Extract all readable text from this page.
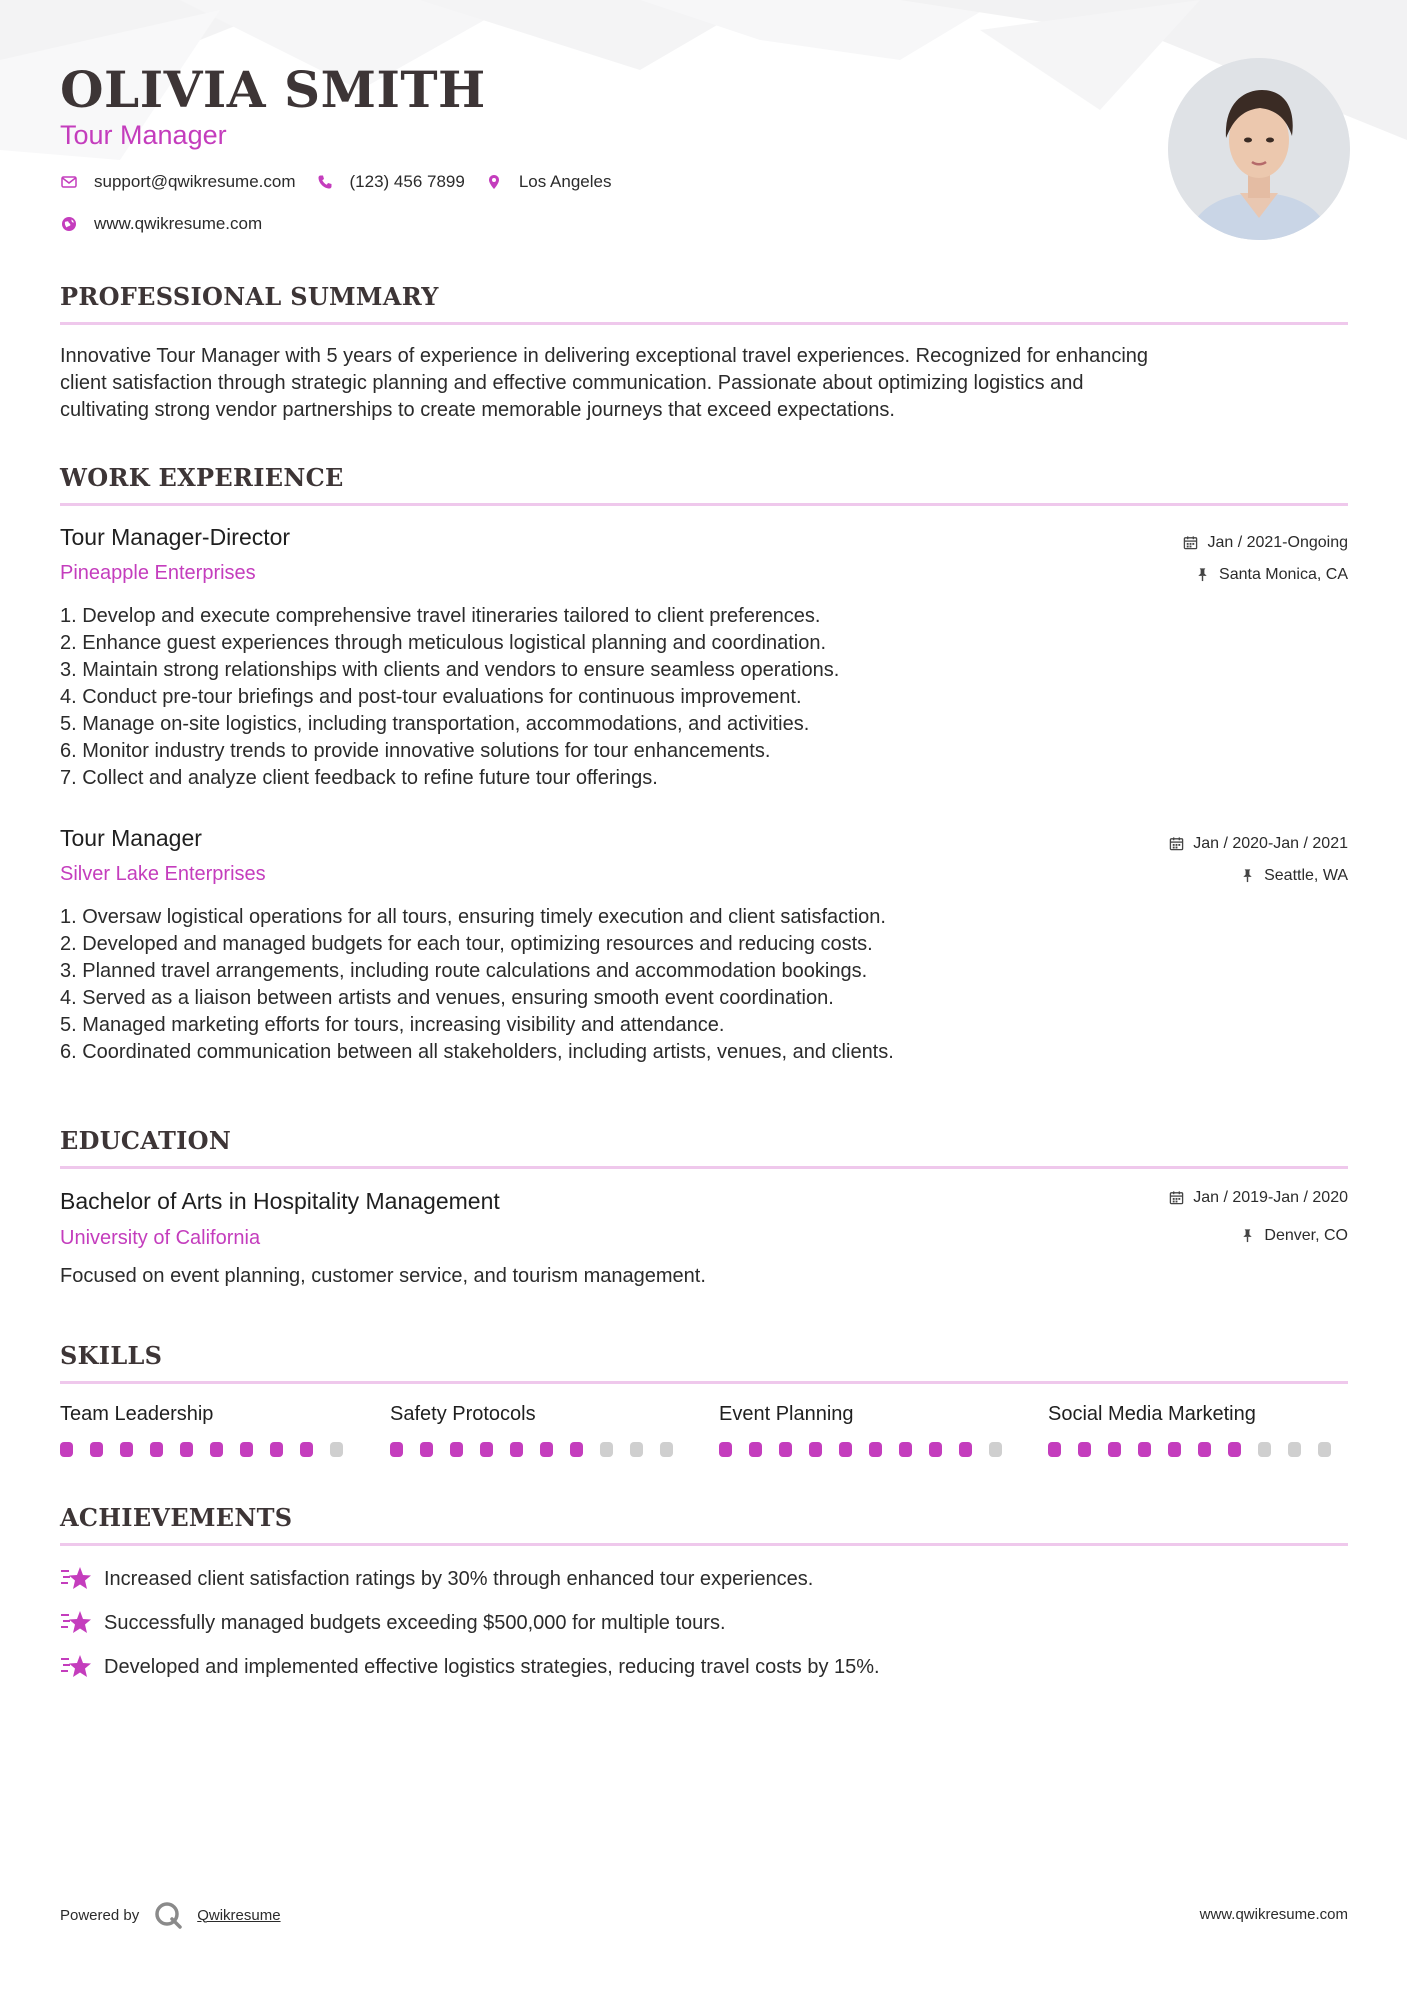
OLIVIA SMITH
Tour Manager
support@qwikresume.com	(123) 456 7899	Los Angeles
www.qwikresume.com
PROFESSIONAL SUMMARY
Innovative Tour Manager with 5 years of experience in delivering exceptional travel experiences. Recognized for enhancing
client satisfaction through strategic planning and effective communication. Passionate about optimizing logistics and
cultivating strong vendor partnerships to create memorable journeys that exceed expectations.
WORK EXPERIENCE
Tour Manager-Director
Pineapple Enterprises
Jan / 2021-Ongoing
Santa Monica, CA
1. Develop and execute comprehensive travel itineraries tailored to client preferences.
2. Enhance guest experiences through meticulous logistical planning and coordination.
3. Maintain strong relationships with clients and vendors to ensure seamless operations.
4. Conduct pre-tour briefings and post-tour evaluations for continuous improvement.
5. Manage on-site logistics, including transportation, accommodations, and activities.
6. Monitor industry trends to provide innovative solutions for tour enhancements.
7. Collect and analyze client feedback to refine future tour offerings.
Tour Manager
Silver Lake Enterprises
Jan / 2020-Jan / 2021
Seattle, WA
1. Oversaw logistical operations for all tours, ensuring timely execution and client satisfaction.
2. Developed and managed budgets for each tour, optimizing resources and reducing costs.
3. Planned travel arrangements, including route calculations and accommodation bookings.
4. Served as a liaison between artists and venues, ensuring smooth event coordination.
5. Managed marketing efforts for tours, increasing visibility and attendance.
6. Coordinated communication between all stakeholders, including artists, venues, and clients.
EDUCATION
Bachelor of Arts in Hospitality Management
University of California
Jan / 2019-Jan / 2020
Denver, CO
Focused on event planning, customer service, and tourism management.
SKILLS
Team Leadership	Safety Protocols	Event Planning	Social Media Marketing
ACHIEVEMENTS
Increased client satisfaction ratings by 30% through enhanced tour experiences.
Successfully managed budgets exceeding $500,000 for multiple tours.
Developed and implemented effective logistics strategies, reducing travel costs by 15%.
Powered by	Qwikresume	www.qwikresume.com
